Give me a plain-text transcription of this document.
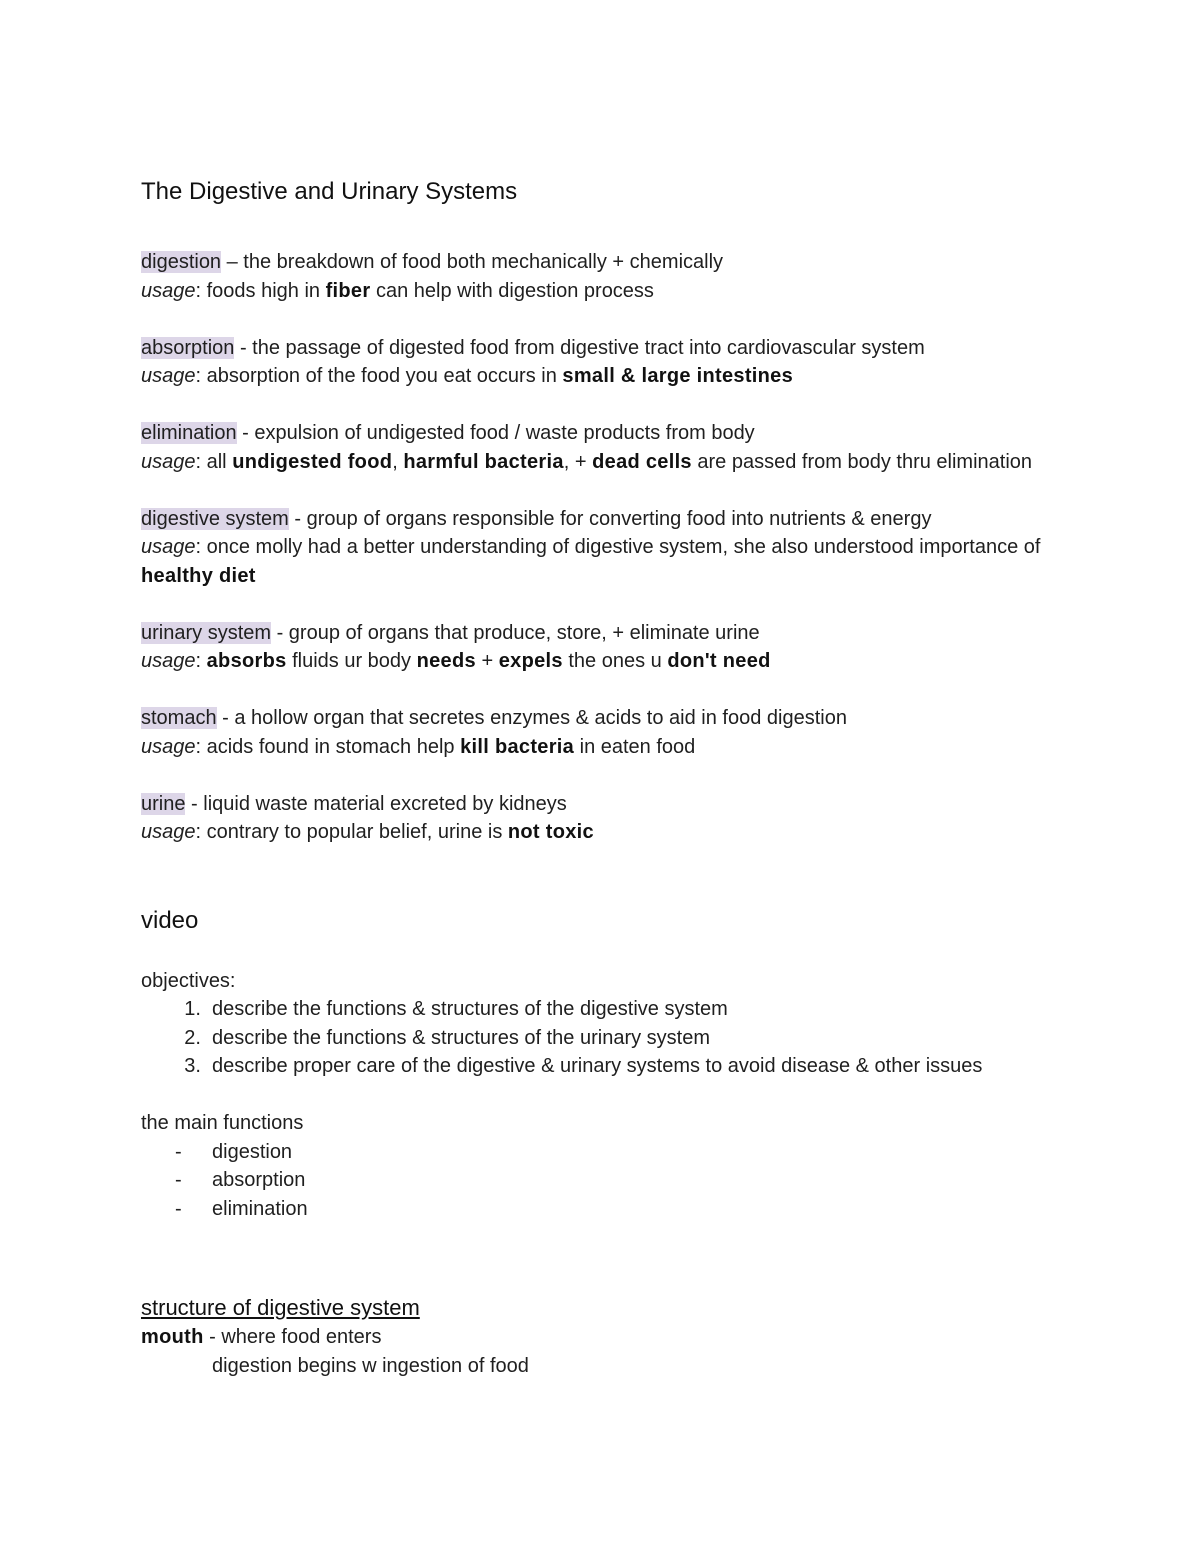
The Digestive and Urinary Systems

digestion – the breakdown of food both mechanically + chemically

usage: foods high in fiber can help with digestion process

absorption - the passage of digested food from digestive tract into cardiovascular system

usage: absorption of the food you eat occurs in small & large intestines

elimination - expulsion of undigested food / waste products from body

usage: all undigested food, harmful bacteria, + dead cells are passed from body thru elimination

digestive system - group of organs responsible for converting food into nutrients & energy

usage: once molly had a better understanding of digestive system, she also understood importance of healthy diet

urinary system - group of organs that produce, store, + eliminate urine

usage: absorbs fluids ur body needs + expels the ones u don't need

stomach - a hollow organ that secretes enzymes & acids to aid in food digestion

usage: acids found in stomach help kill bacteria in eaten food

urine - liquid waste material excreted by kidneys

usage: contrary to popular belief, urine is not toxic

video

objectives:

1. describe the functions & structures of the digestive system
2. describe the functions & structures of the urinary system
3. describe proper care of the digestive & urinary systems to avoid disease & other issues

the main functions

- digestion
- absorption
- elimination
structure of digestive system

mouth - where food enters

digestion begins w ingestion of food
